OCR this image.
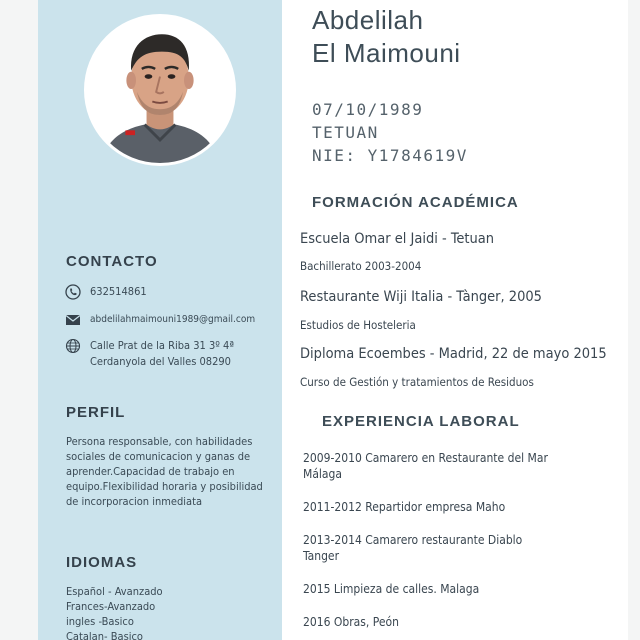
CONTACTO
632514861
abdelilahmaimouni1989@gmail.com
Calle Prat de la Riba 31 3º 4ª
Cerdanyola del Valles 08290
PERFIL
Persona responsable, con habilidades sociales de comunicacion y ganas de aprender.Capacidad de trabajo en equipo.Flexibilidad horaria y posibilidad de incorporacion inmediata
IDIOMAS
Español - Avanzado
Frances-Avanzado
ingles -Basico
Catalan- Basico
Abdelilah
El Maimouni
07/10/1989
TETUAN
NIE: Y1784619V
FORMACIÓN ACADÉMICA
Escuela Omar el Jaidi - Tetuan
Bachillerato 2003-2004
Restaurante Wiji Italia - Tànger, 2005
Estudios de Hosteleria
Diploma Ecoembes - Madrid, 22 de mayo 2015
Curso de Gestión y tratamientos de Residuos
EXPERIENCIA LABORAL
2009-2010 Camarero en Restaurante del Mar Málaga
2011-2012 Repartidor empresa Maho
2013-2014 Camarero restaurante Diablo Tanger
2015 Limpieza de calles. Malaga
2016 Obras, Peón
